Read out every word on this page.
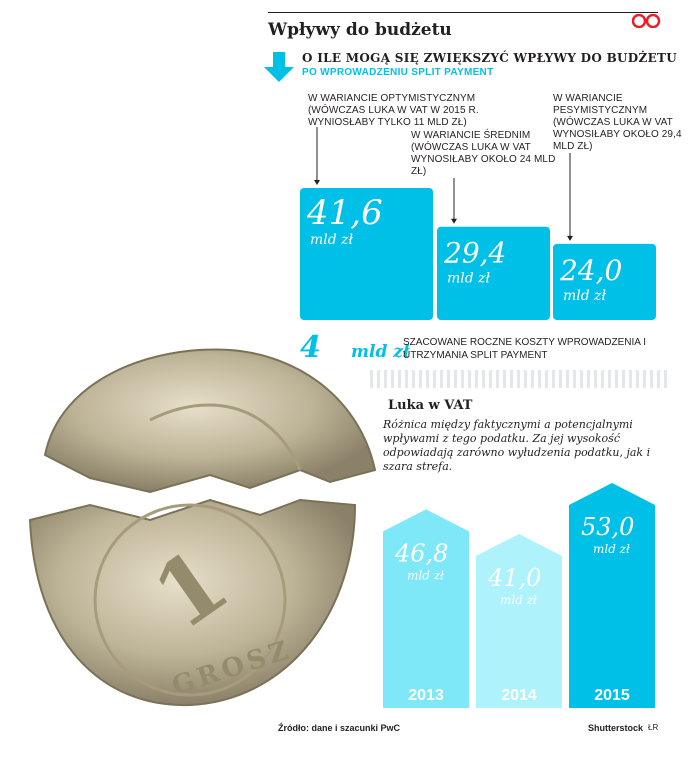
Wpływy do budżetu
O ILE MOGĄ SIĘ ZWIĘKSZYĆ WPŁYWY DO BUDŻETU
PO WPROWADZENIU SPLIT PAYMENT
W WARIANCIE OPTYMISTYCZNYM (WÓWCZAS LUKA W VAT W 2015 R. WYNIOSŁABY TYLKO 11 MLD ZŁ)
W WARIANCIE ŚREDNIM (WÓWCZAS LUKA W VAT WYNOSIŁABY OKOŁO 24 MLD ZŁ)
W WARIANCIE PESYMISTYCZNYM (WÓWCZAS LUKA W VAT WYNOSIŁABY OKOŁO 29,4 MLD ZŁ)
1
GROSZ
41,6
mld zł	29,4
mld zł 24,0
mld zł
4 mld zł
SZACOWANE ROCZNE KOSZTY WPROWADZENIA I UTRZYMANIA SPLIT PAYMENT
Luka w VAT
Różnica między faktycznymi a potencjalnymi wpływami z tego podatku. Za jej wysokość odpowiadają zarówno wyłudzenia podatku, jak i szara strefa.
46,8
mld zł
2013
41,0
mld zł
2014
53,0
mld zł
2015
Źródło: dane i szacunki PwC	Shutterstock ŁR
